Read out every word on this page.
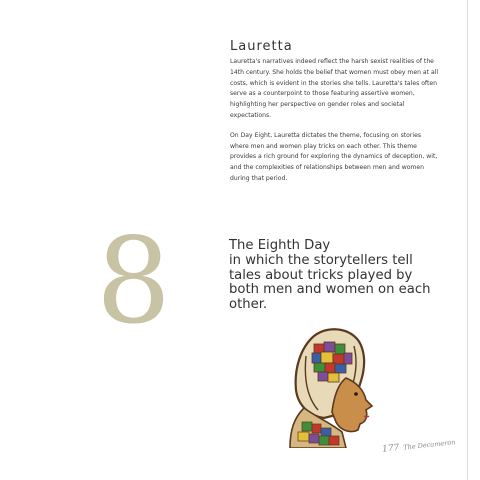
Lauretta

Lauretta's narratives indeed reflect the harsh sexist realities of the 14th century. She holds the belief that women must obey men at all costs, which is evident in the stories she tells. Lauretta's tales often serve as a counterpoint to those featuring assertive women, highlighting her perspective on gender roles and societal expectations.

On Day Eight, Lauretta dictates the theme, focusing on stories where men and women play tricks on each other. This theme provides a rich ground for exploring the dynamics of deception, wit, and the complexities of relationships between men and women during that period.

8	The Eighth Day
in which the storytellers tell tales about tricks played by both men and women on each other.
177 The Decameron
